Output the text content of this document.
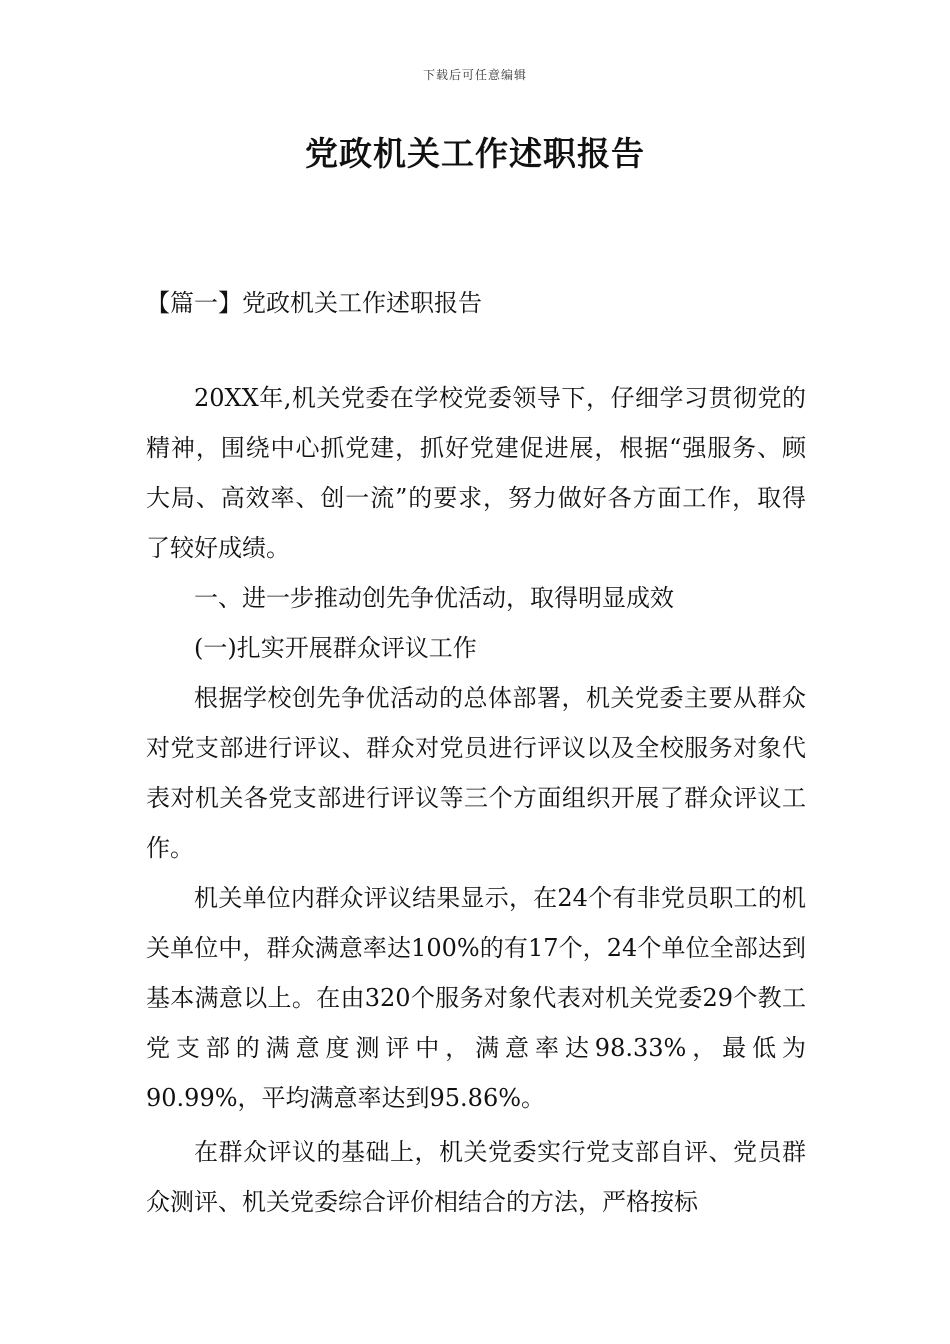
下载后可任意编辑
党政机关工作述职报告
【篇一】党政机关工作述职报告

20XX年,机关党委在学校党委领导下，仔细学习贯彻党的精神，围绕中心抓党建，抓好党建促进展，根据“强服务、顾大局、高效率、创一流”的要求，努力做好各方面工作，取得了较好成绩。

一、进一步推动创先争优活动，取得明显成效

(一)扎实开展群众评议工作

根据学校创先争优活动的总体部署，机关党委主要从群众对党支部进行评议、群众对党员进行评议以及全校服务对象代表对机关各党支部进行评议等三个方面组织开展了群众评议工作。

机关单位内群众评议结果显示，在24个有非党员职工的机关单位中，群众满意率达100%的有17个，24个单位全部达到基本满意以上。在由320个服务对象代表对机关党委29个教工党支部的满意度测评中，满意率达98.33%，最低为90.99%，平均满意率达到95.86%。

在群众评议的基础上，机关党委实行党支部自评、党员群众测评、机关党委综合评价相结合的方法，严格按标
